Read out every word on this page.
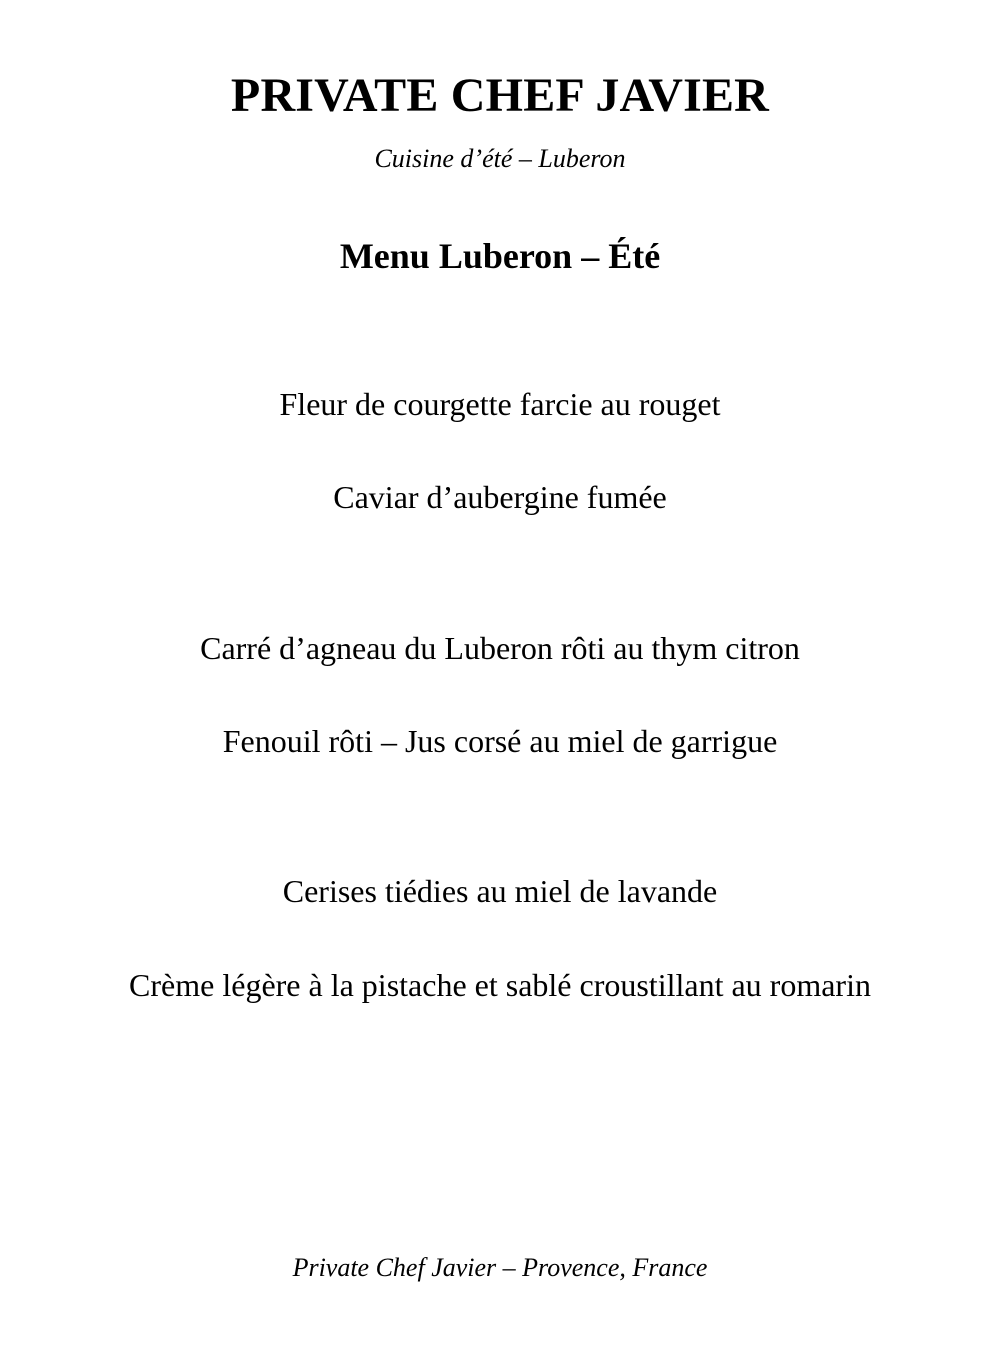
PRIVATE CHEF JAVIER
Cuisine d’été – Luberon
Menu Luberon – Été
Fleur de courgette farcie au rouget
Caviar d’aubergine fumée
Carré d’agneau du Luberon rôti au thym citron
Fenouil rôti – Jus corsé au miel de garrigue
Cerises tiédies au miel de lavande
Crème légère à la pistache et sablé croustillant au romarin
Private Chef Javier – Provence, France
